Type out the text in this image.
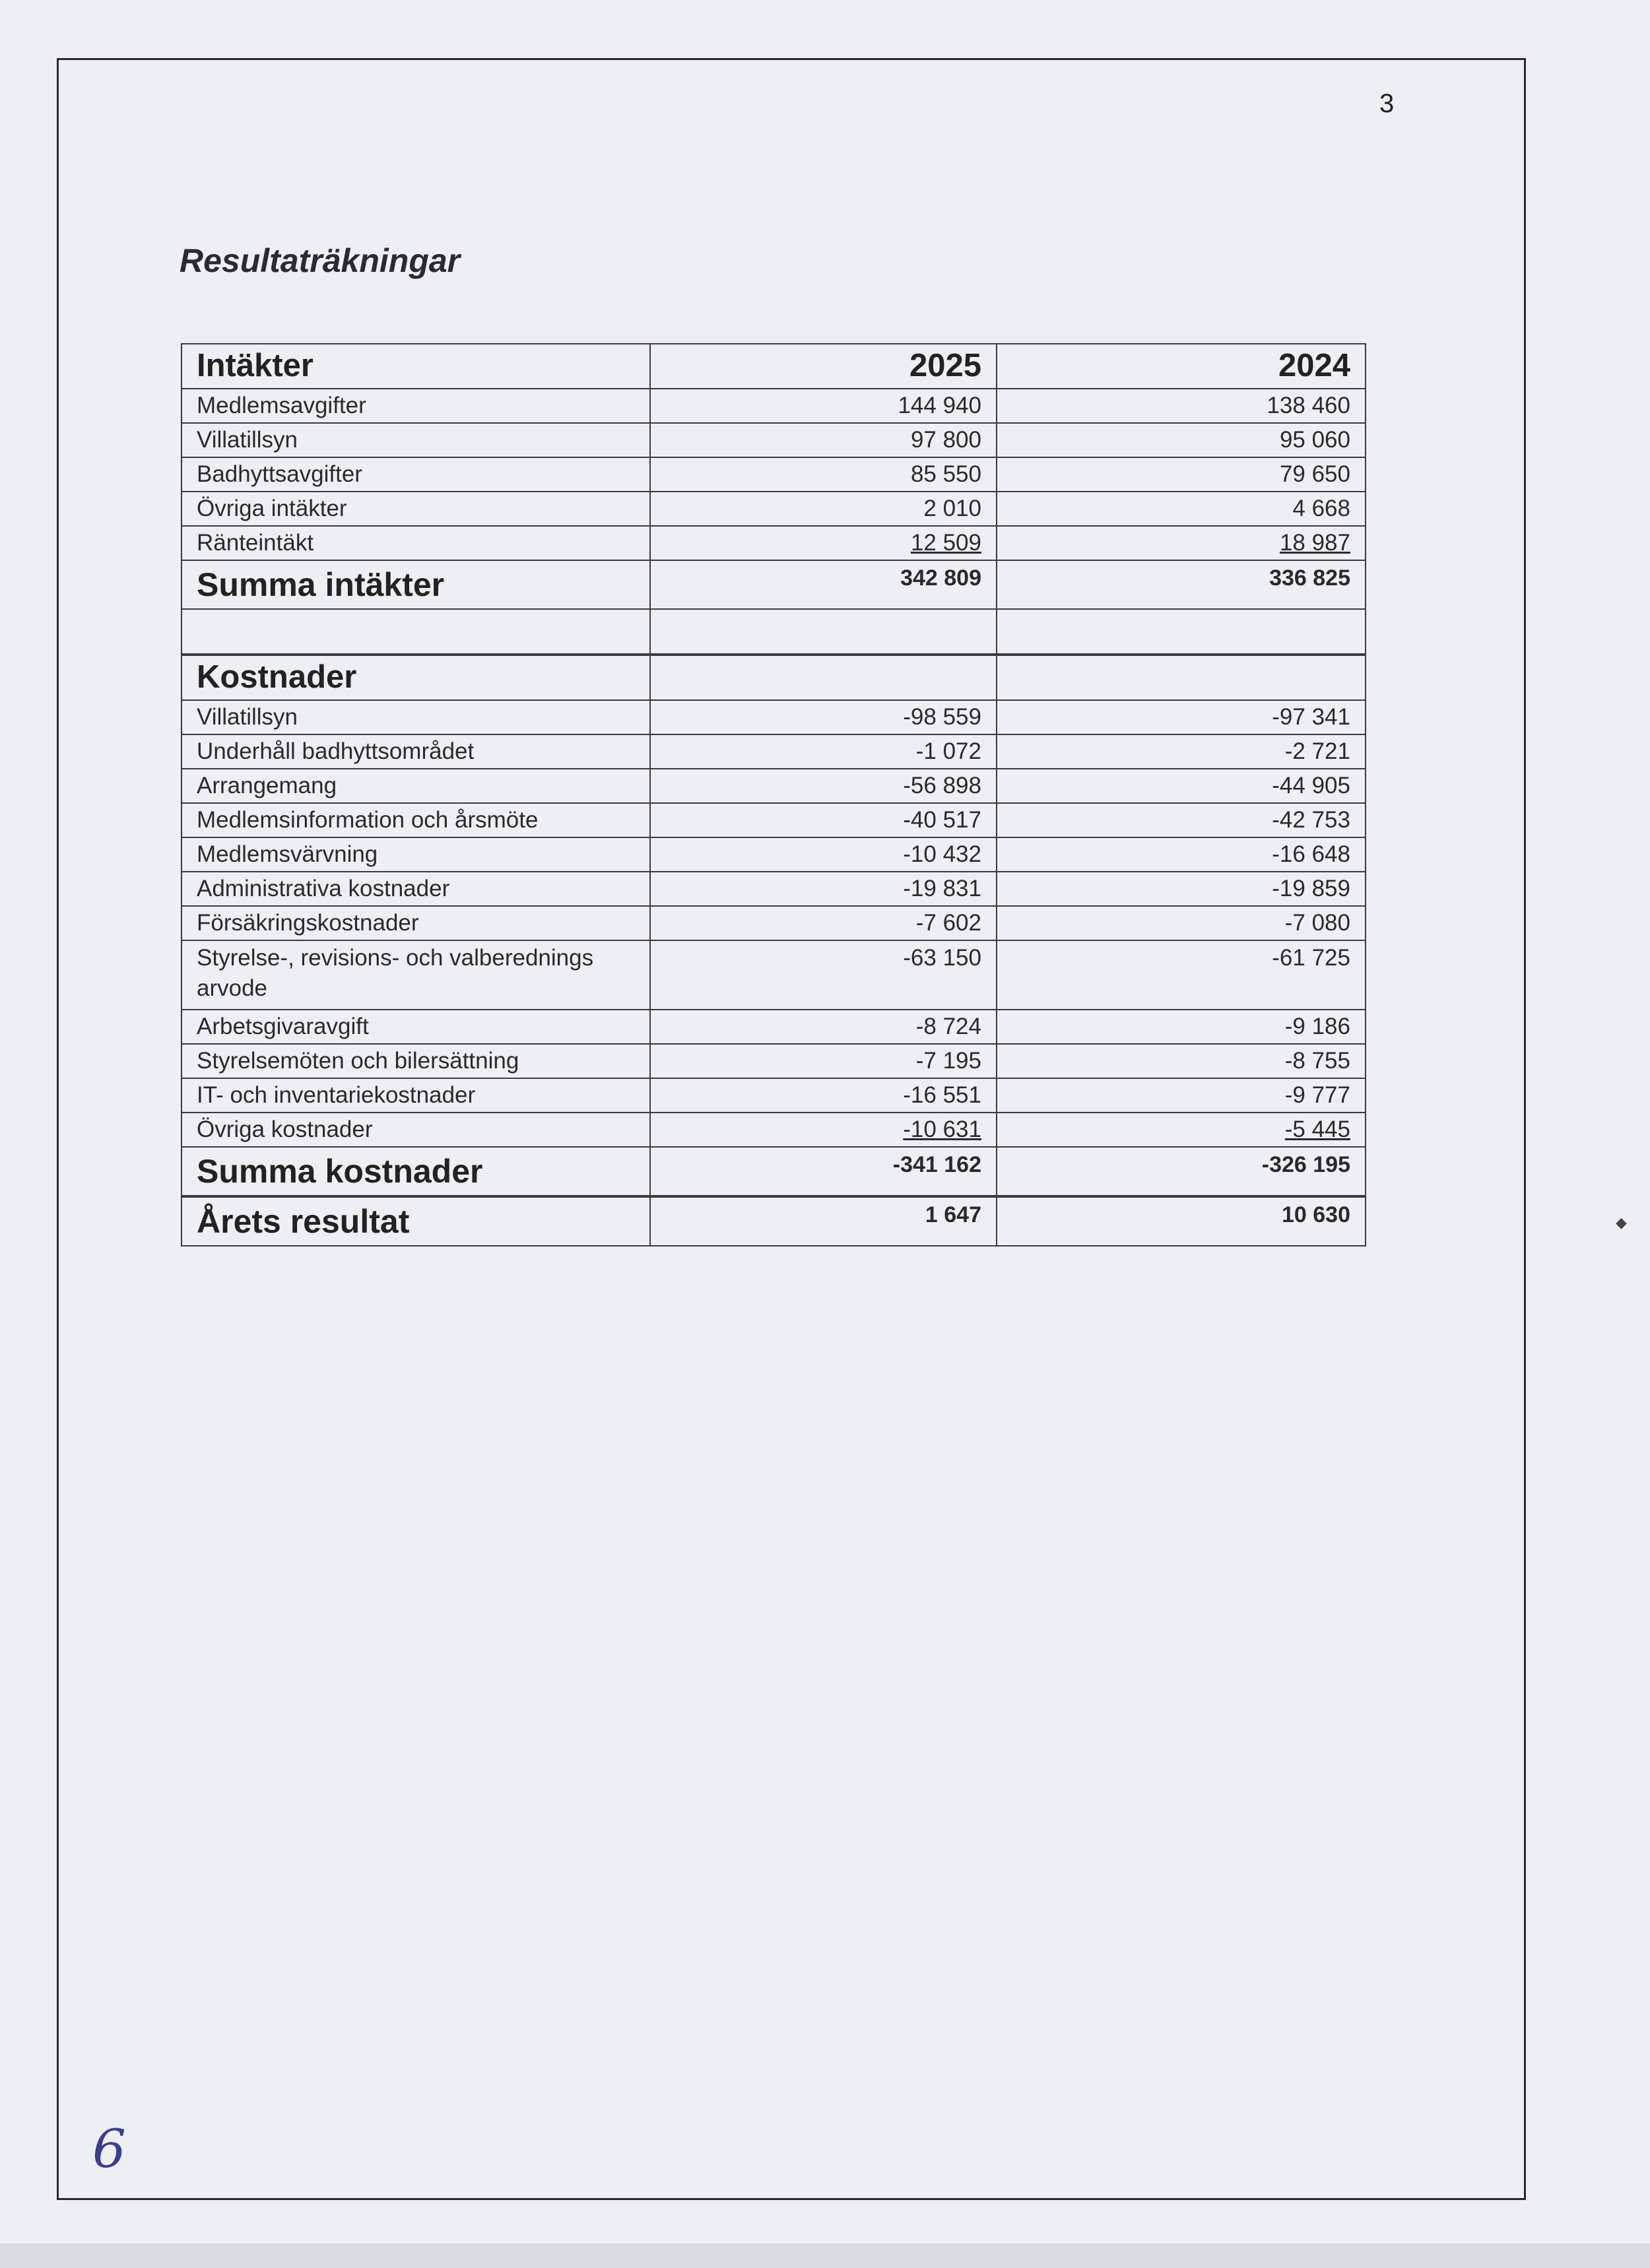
3
Resultaträkningar
Intäkter	2025	2024
Medlemsavgifter	144 940	138 460
Villatillsyn	97 800	95 060
Badhyttsavgifter	85 550	79 650
Övriga intäkter	2 010	4 668
Ränteintäkt	12 509	18 987
Summa intäkter	342 809	336 825

Kostnader		
Villatillsyn	-98 559	-97 341
Underhåll badhyttsområdet	-1 072	-2 721
Arrangemang	-56 898	-44 905
Medlemsinformation och årsmöte	-40 517	-42 753
Medlemsvärvning	-10 432	-16 648
Administrativa kostnader	-19 831	-19 859
Försäkringskostnader	-7 602	-7 080
Styrelse-, revisions- och valberednings arvode	-63 150	-61 725
Arbetsgivaravgift	-8 724	-9 186
Styrelsemöten och bilersättning	-7 195	-8 755
IT- och inventariekostnader	-16 551	-9 777
Övriga kostnader	-10 631	-5 445
Summa kostnader	-341 162	-326 195
Årets resultat	1 647	10 630	◆
6
